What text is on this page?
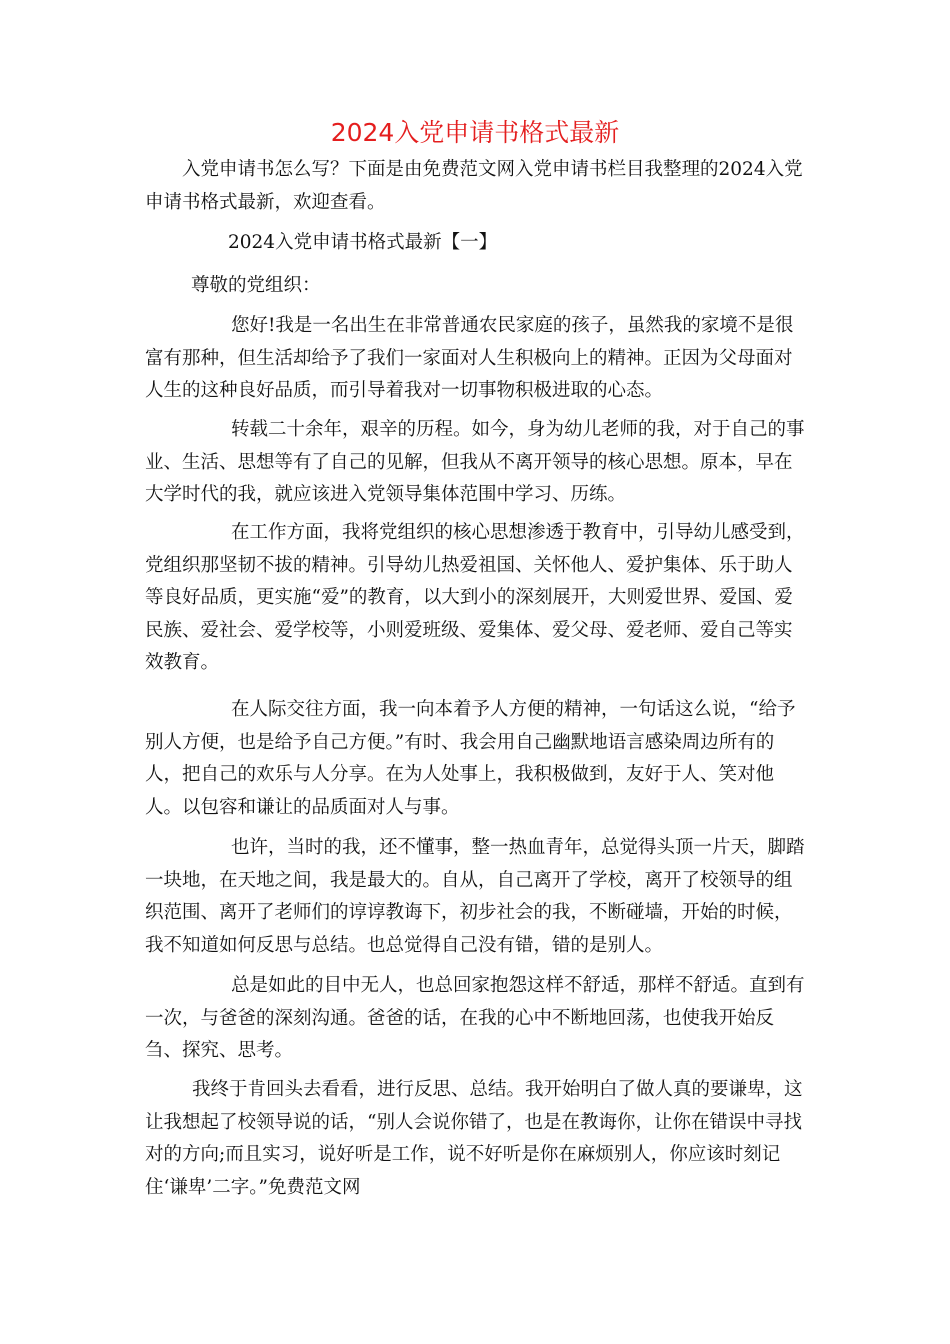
2024入党申请书格式最新

入党申请书怎么写？下面是由免费范文网入党申请书栏目我整理的2024入党申请书格式最新，欢迎查看。

2024入党申请书格式最新【一】

尊敬的党组织：

您好!我是一名出生在非常普通农民家庭的孩子，虽然我的家境不是很富有那种，但生活却给予了我们一家面对人生积极向上的精神。正因为父母面对人生的这种良好品质，而引导着我对一切事物积极进取的心态。

转载二十余年，艰辛的历程。如今，身为幼儿老师的我，对于自己的事业、生活、思想等有了自己的见解，但我从不离开领导的核心思想。原本，早在大学时代的我，就应该进入党领导集体范围中学习、历练。

在工作方面，我将党组织的核心思想渗透于教育中，引导幼儿感受到，党组织那坚韧不拔的精神。引导幼儿热爱祖国、关怀他人、爱护集体、乐于助人等良好品质，更实施“爱”的教育，以大到小的深刻展开，大则爱世界、爱国、爱民族、爱社会、爱学校等，小则爱班级、爱集体、爱父母、爱老师、爱自己等实效教育。

在人际交往方面，我一向本着予人方便的精神，一句话这么说，“给予别人方便，也是给予自己方便。”有时、我会用自己幽默地语言感染周边所有的人，把自己的欢乐与人分享。在为人处事上，我积极做到，友好于人、笑对他人。以包容和谦让的品质面对人与事。

也许，当时的我，还不懂事，整一热血青年，总觉得头顶一片天，脚踏一块地，在天地之间，我是最大的。自从，自己离开了学校，离开了校领导的组织范围、离开了老师们的谆谆教诲下，初步社会的我，不断碰墙，开始的时候，我不知道如何反思与总结。也总觉得自己没有错，错的是别人。

总是如此的目中无人，也总回家抱怨这样不舒适，那样不舒适。直到有一次，与爸爸的深刻沟通。爸爸的话，在我的心中不断地回荡，也使我开始反刍、探究、思考。

我终于肯回头去看看，进行反思、总结。我开始明白了做人真的要谦卑，这让我想起了校领导说的话，“别人会说你错了，也是在教诲你，让你在错误中寻找对的方向;而且实习，说好听是工作，说不好听是你在麻烦别人，你应该时刻记住‘谦卑’二字。”免费范文网
